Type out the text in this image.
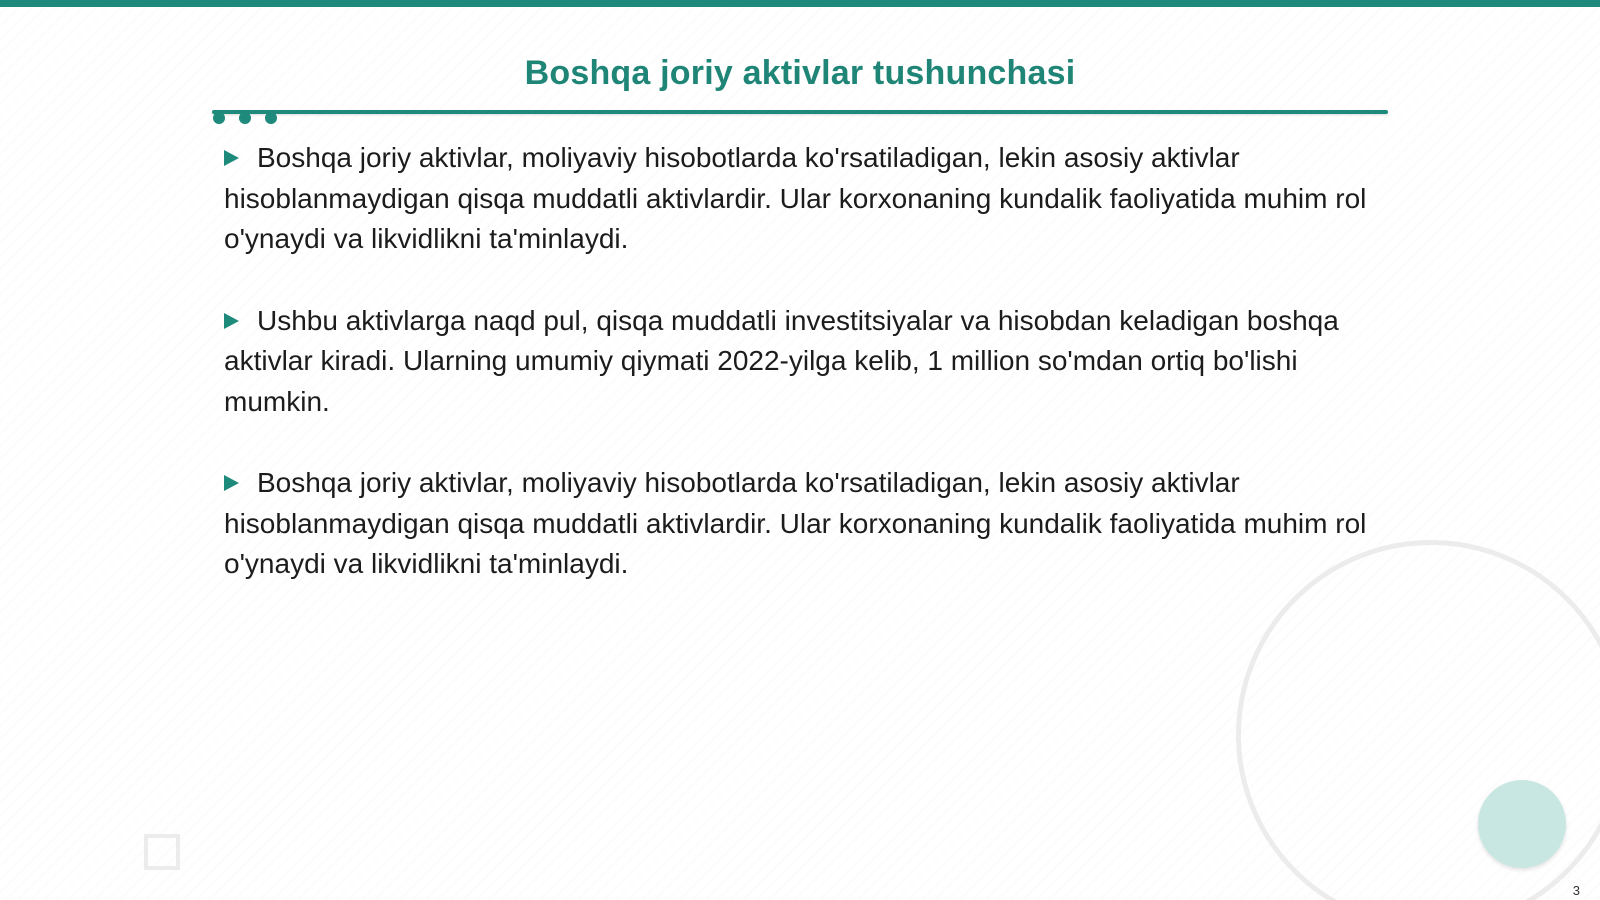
Boshqa joriy aktivlar tushunchasi

Boshqa joriy aktivlar, moliyaviy hisobotlarda ko'rsatiladigan, lekin asosiy aktivlar hisoblanmaydigan qisqa muddatli aktivlardir. Ular korxonaning kundalik faoliyatida muhim rol o'ynaydi va likvidlikni ta'minlaydi.

Ushbu aktivlarga naqd pul, qisqa muddatli investitsiyalar va hisobdan keladigan boshqa aktivlar kiradi. Ularning umumiy qiymati 2022-yilga kelib, 1 million so'mdan ortiq bo'lishi mumkin.

Boshqa joriy aktivlar, moliyaviy hisobotlarda ko'rsatiladigan, lekin asosiy aktivlar hisoblanmaydigan qisqa muddatli aktivlardir. Ular korxonaning kundalik faoliyatida muhim rol o'ynaydi va likvidlikni ta'minlaydi.

3
